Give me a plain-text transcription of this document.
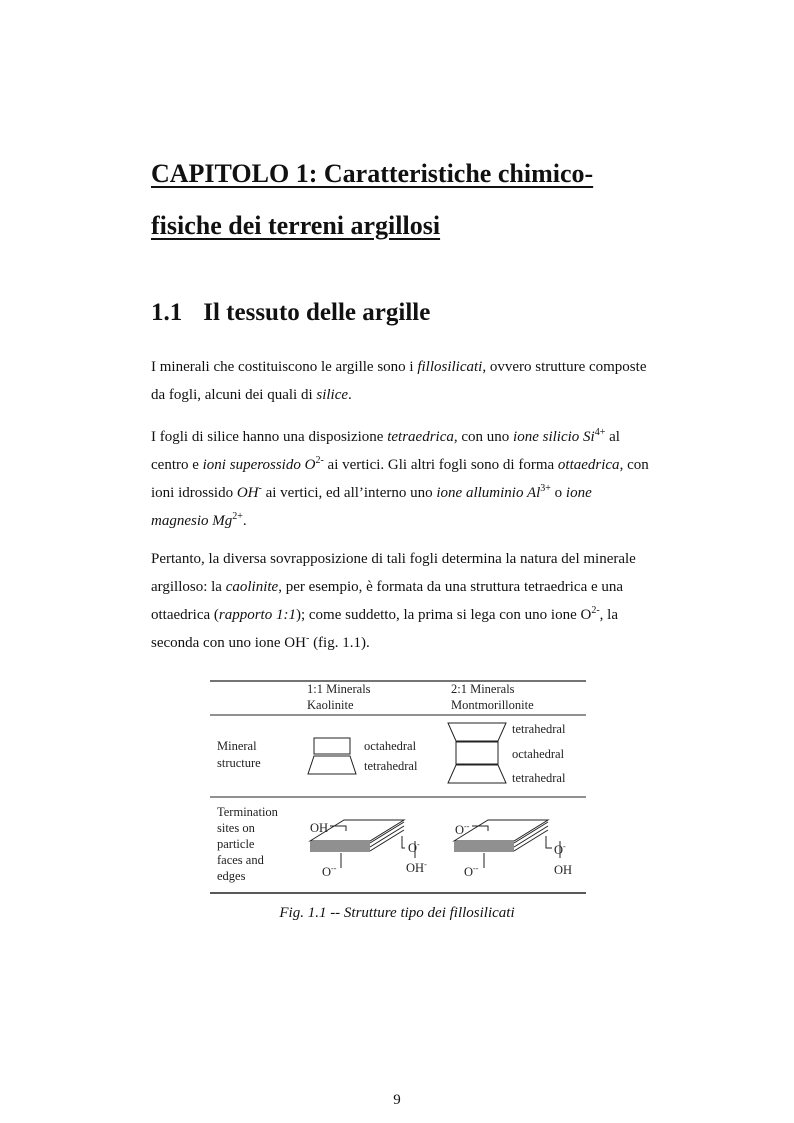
CAPITOLO 1: Caratteristiche chimico-
fisiche dei terreni argillosi
1.1 Il tessuto delle argille

I minerali che costituiscono le argille sono i fillosilicati, ovvero strutture composte da fogli, alcuni dei quali di silice.

I fogli di silice hanno una disposizione tetraedrica, con uno ione silicio $Si^{4+}$ al centro e ioni superossido $O^{2-}$ ai vertici. Gli altri fogli sono di forma ottaedrica, con ioni idrossido OH- ai vertici, ed all’interno uno ione alluminio $Al^{3+}$ o ione magnesio $Mg^{2+}$.

Pertanto, la diversa sovrapposizione di tali fogli determina la natura del minerale argilloso: la caolinite, per esempio, è formata da una struttura tetraedrica e una ottaedrica (rapporto 1:1); come suddetto, la prima si lega con uno ione $O^{2-}$, la seconda con uno ione OH- (fig. 1.1).

1:1 Minerals
Kaolinite
2:1 Minerals
Montmorillonite
Mineral
structure
Termination
sites on
particle
faces and
edges
octahedral
tetrahedral
tetrahedral
octahedral
tetrahedral
OH
O-
OH-
O--
O--
O-
OH
O--

Fig. 1.1 -- Strutture tipo dei fillosilicati

9
